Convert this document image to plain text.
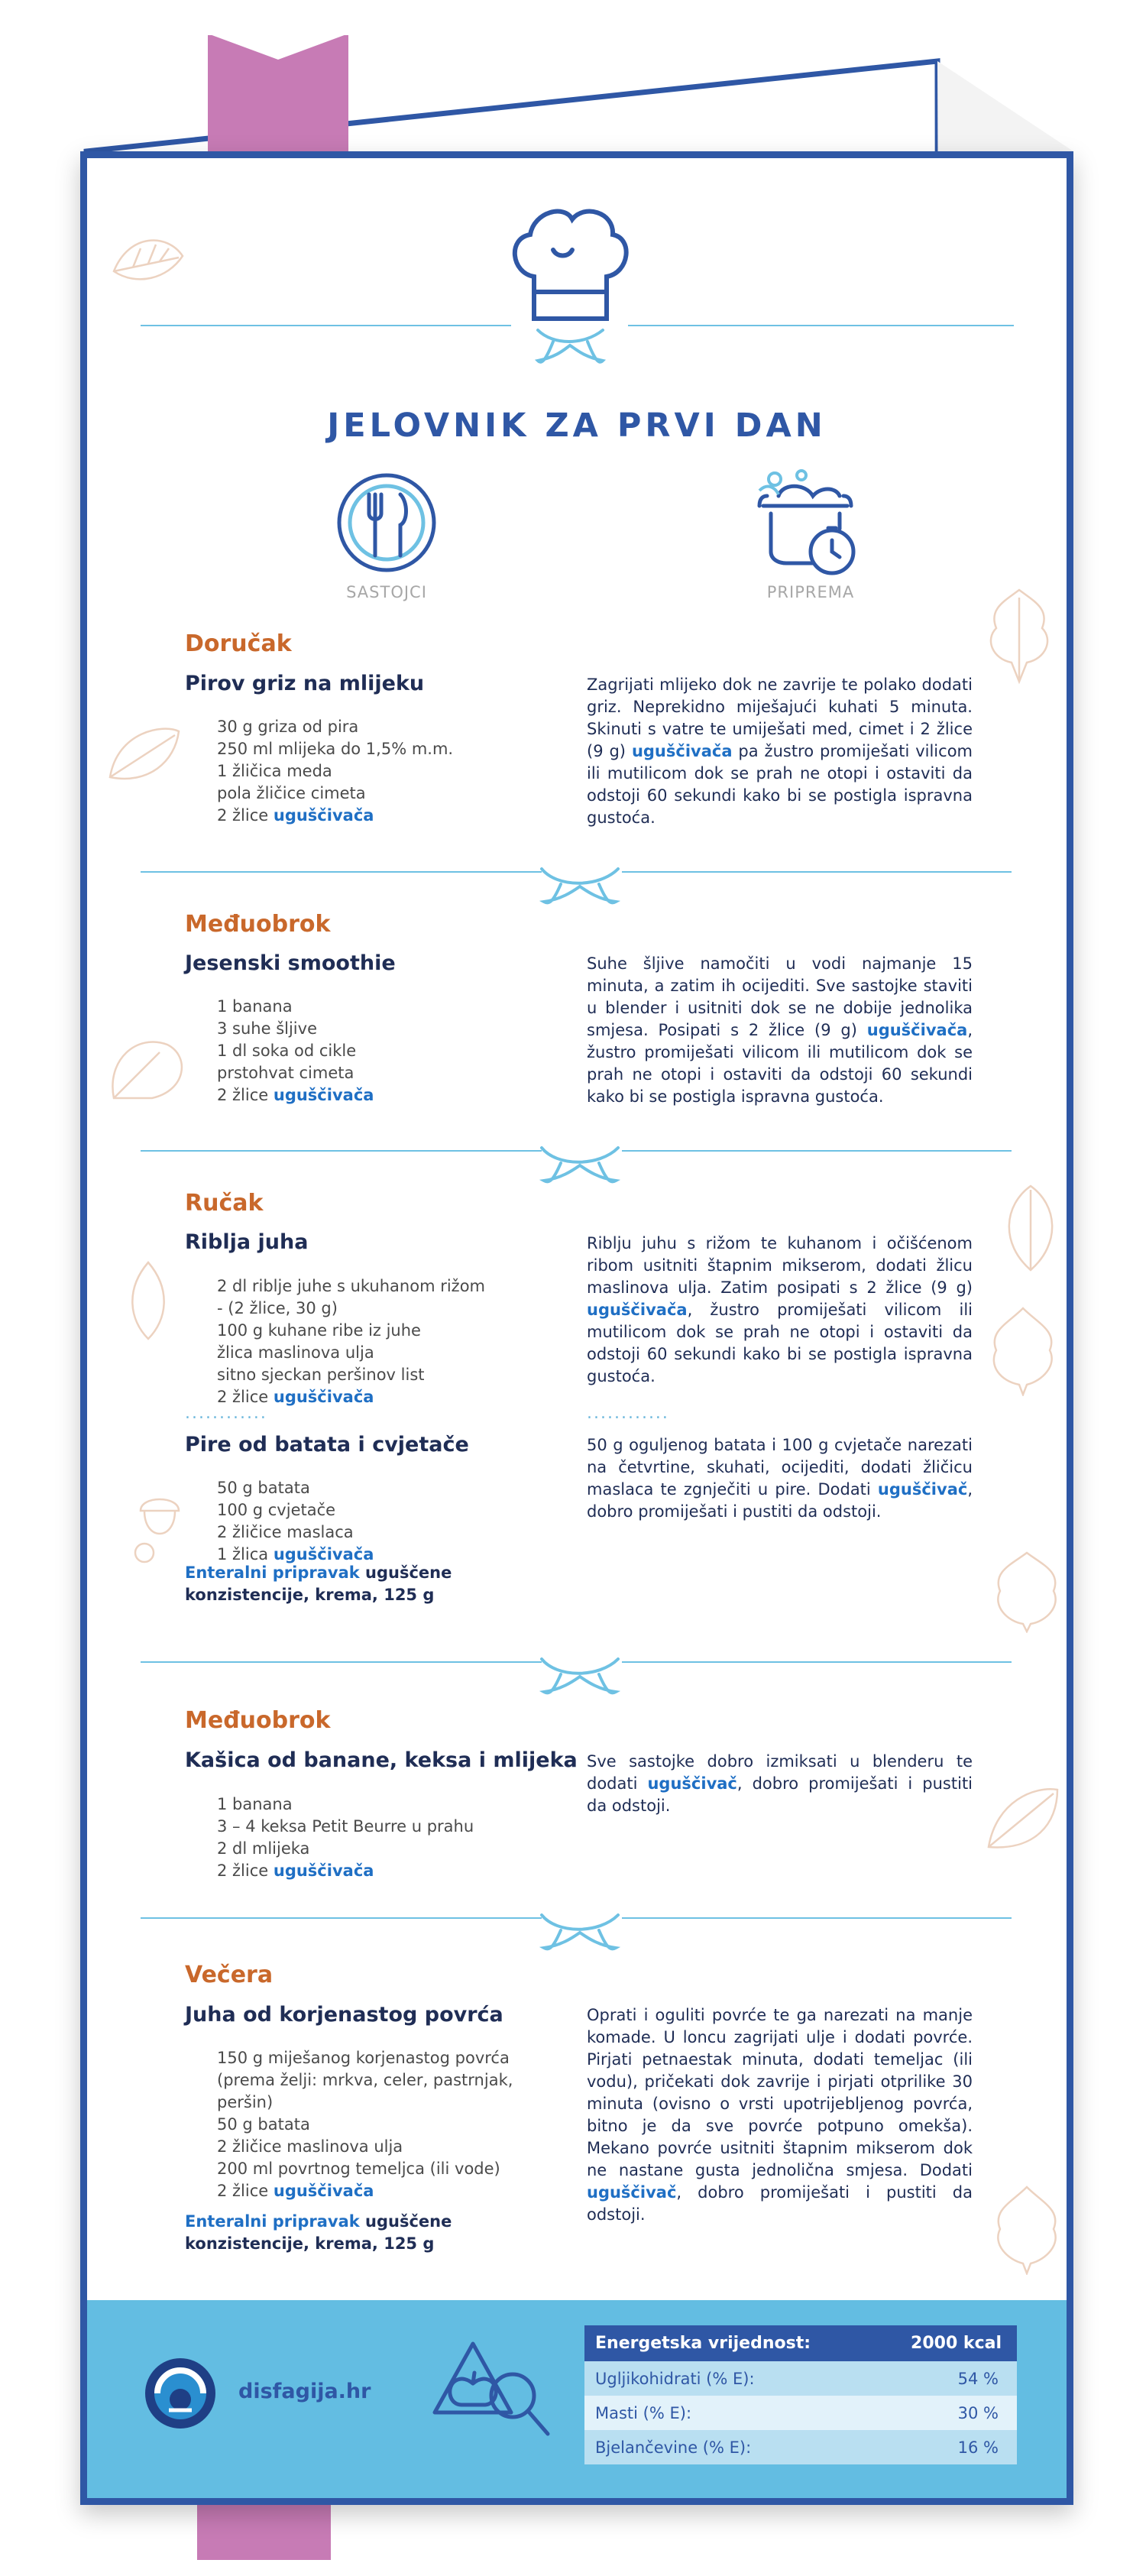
JELOVNIK ZA PRVI DAN
SASTOJCI	PRIPREMA
Doručak
Pirov griz na mlijeku
30 g griza od pira
250 ml mlijeka do 1,5% m.m.
1 žličica meda
pola žličice cimeta
2 žlice uguščivača
Zagrijati mlijeko dok ne zavrije te polako dodati griz. Neprekidno miješajući kuhati 5 minuta. Skinuti s vatre te umiješati med, cimet i 2 žlice (9 g) uguščivača pa žustro promiješati vilicom ili mutilicom dok se prah ne otopi i ostaviti da odstoji 60 sekundi kako bi se postigla ispravna gustoća.
Međuobrok
Jesenski smoothie
1 banana
3 suhe šljive
1 dl soka od cikle
prstohvat cimeta
2 žlice uguščivača
Suhe šljive namočiti u vodi najmanje 15 minuta, a zatim ih ocijediti. Sve sastojke staviti u blender i usitniti dok se ne dobije jednolika smjesa. Posipati s 2 žlice (9 g) uguščivača, žustro promiješati vilicom ili mutilicom dok se prah ne otopi i ostaviti da odstoji 60 sekundi kako bi se postigla ispravna gustoća.
Ručak
Riblja juha
2 dl riblje juhe s ukuhanom rižom
- (2 žlice, 30 g)
100 g kuhane ribe iz juhe
žlica maslinova ulja
sitno sjeckan peršinov list
2 žlice uguščivača
Riblju juhu s rižom te kuhanom i očišćenom ribom usitniti štapnim mikserom, dodati žlicu maslinova ulja. Zatim posipati s 2 žlice (9 g) uguščivača, žustro promiješati vilicom ili mutilicom dok se prah ne otopi i ostaviti da odstoji 60 sekundi kako bi se postigla ispravna gustoća.
............	............
Pire od batata i cvjetače
50 g batata
100 g cvjetače
2 žličice maslaca
1 žlica uguščivača
50 g oguljenog batata i 100 g cvjetače narezati na četvrtine, skuhati, ocijediti, dodati žličicu maslaca te zgnječiti u pire. Dodati uguščivač, dobro promiješati i pustiti da odstoji.
Enteralni pripravak uguščene
konzistencije, krema, 125 g
Međuobrok
Kašica od banane, keksa i mlijeka
1 banana
3 – 4 keksa Petit Beurre u prahu
2 dl mlijeka
2 žlice uguščivača
Sve sastojke dobro izmiksati u blenderu te dodati uguščivač, dobro promiješati i pustiti da odstoji.
Večera
Juha od korjenastog povrća
150 g miješanog korjenastog povrća
(prema želji: mrkva, celer, pastrnjak,
peršin)
50 g batata
2 žličice maslinova ulja
200 ml povrtnog temeljca (ili vode)
2 žlice uguščivača
Oprati i oguliti povrće te ga narezati na manje komade. U loncu zagrijati ulje i dodati povrće. Pirjati petnaestak minuta, dodati temeljac (ili vodu), pričekati dok zavrije i pirjati otprilike 30 minuta (ovisno o vrsti upotrijebljenog povrća, bitno je da sve povrće potpuno omekša). Mekano povrće usitniti štapnim mikserom dok ne nastane gusta jednolična smjesa. Dodati uguščivač, dobro promiješati i pustiti da odstoji.
Enteralni pripravak uguščene
konzistencije, krema, 125 g
disfagija.hr
Energetska vrijednost:	2000 kcal
Ugljikohidrati (% E):	54 %
Masti (% E):	30 %
Bjelančevine (% E):	16 %
